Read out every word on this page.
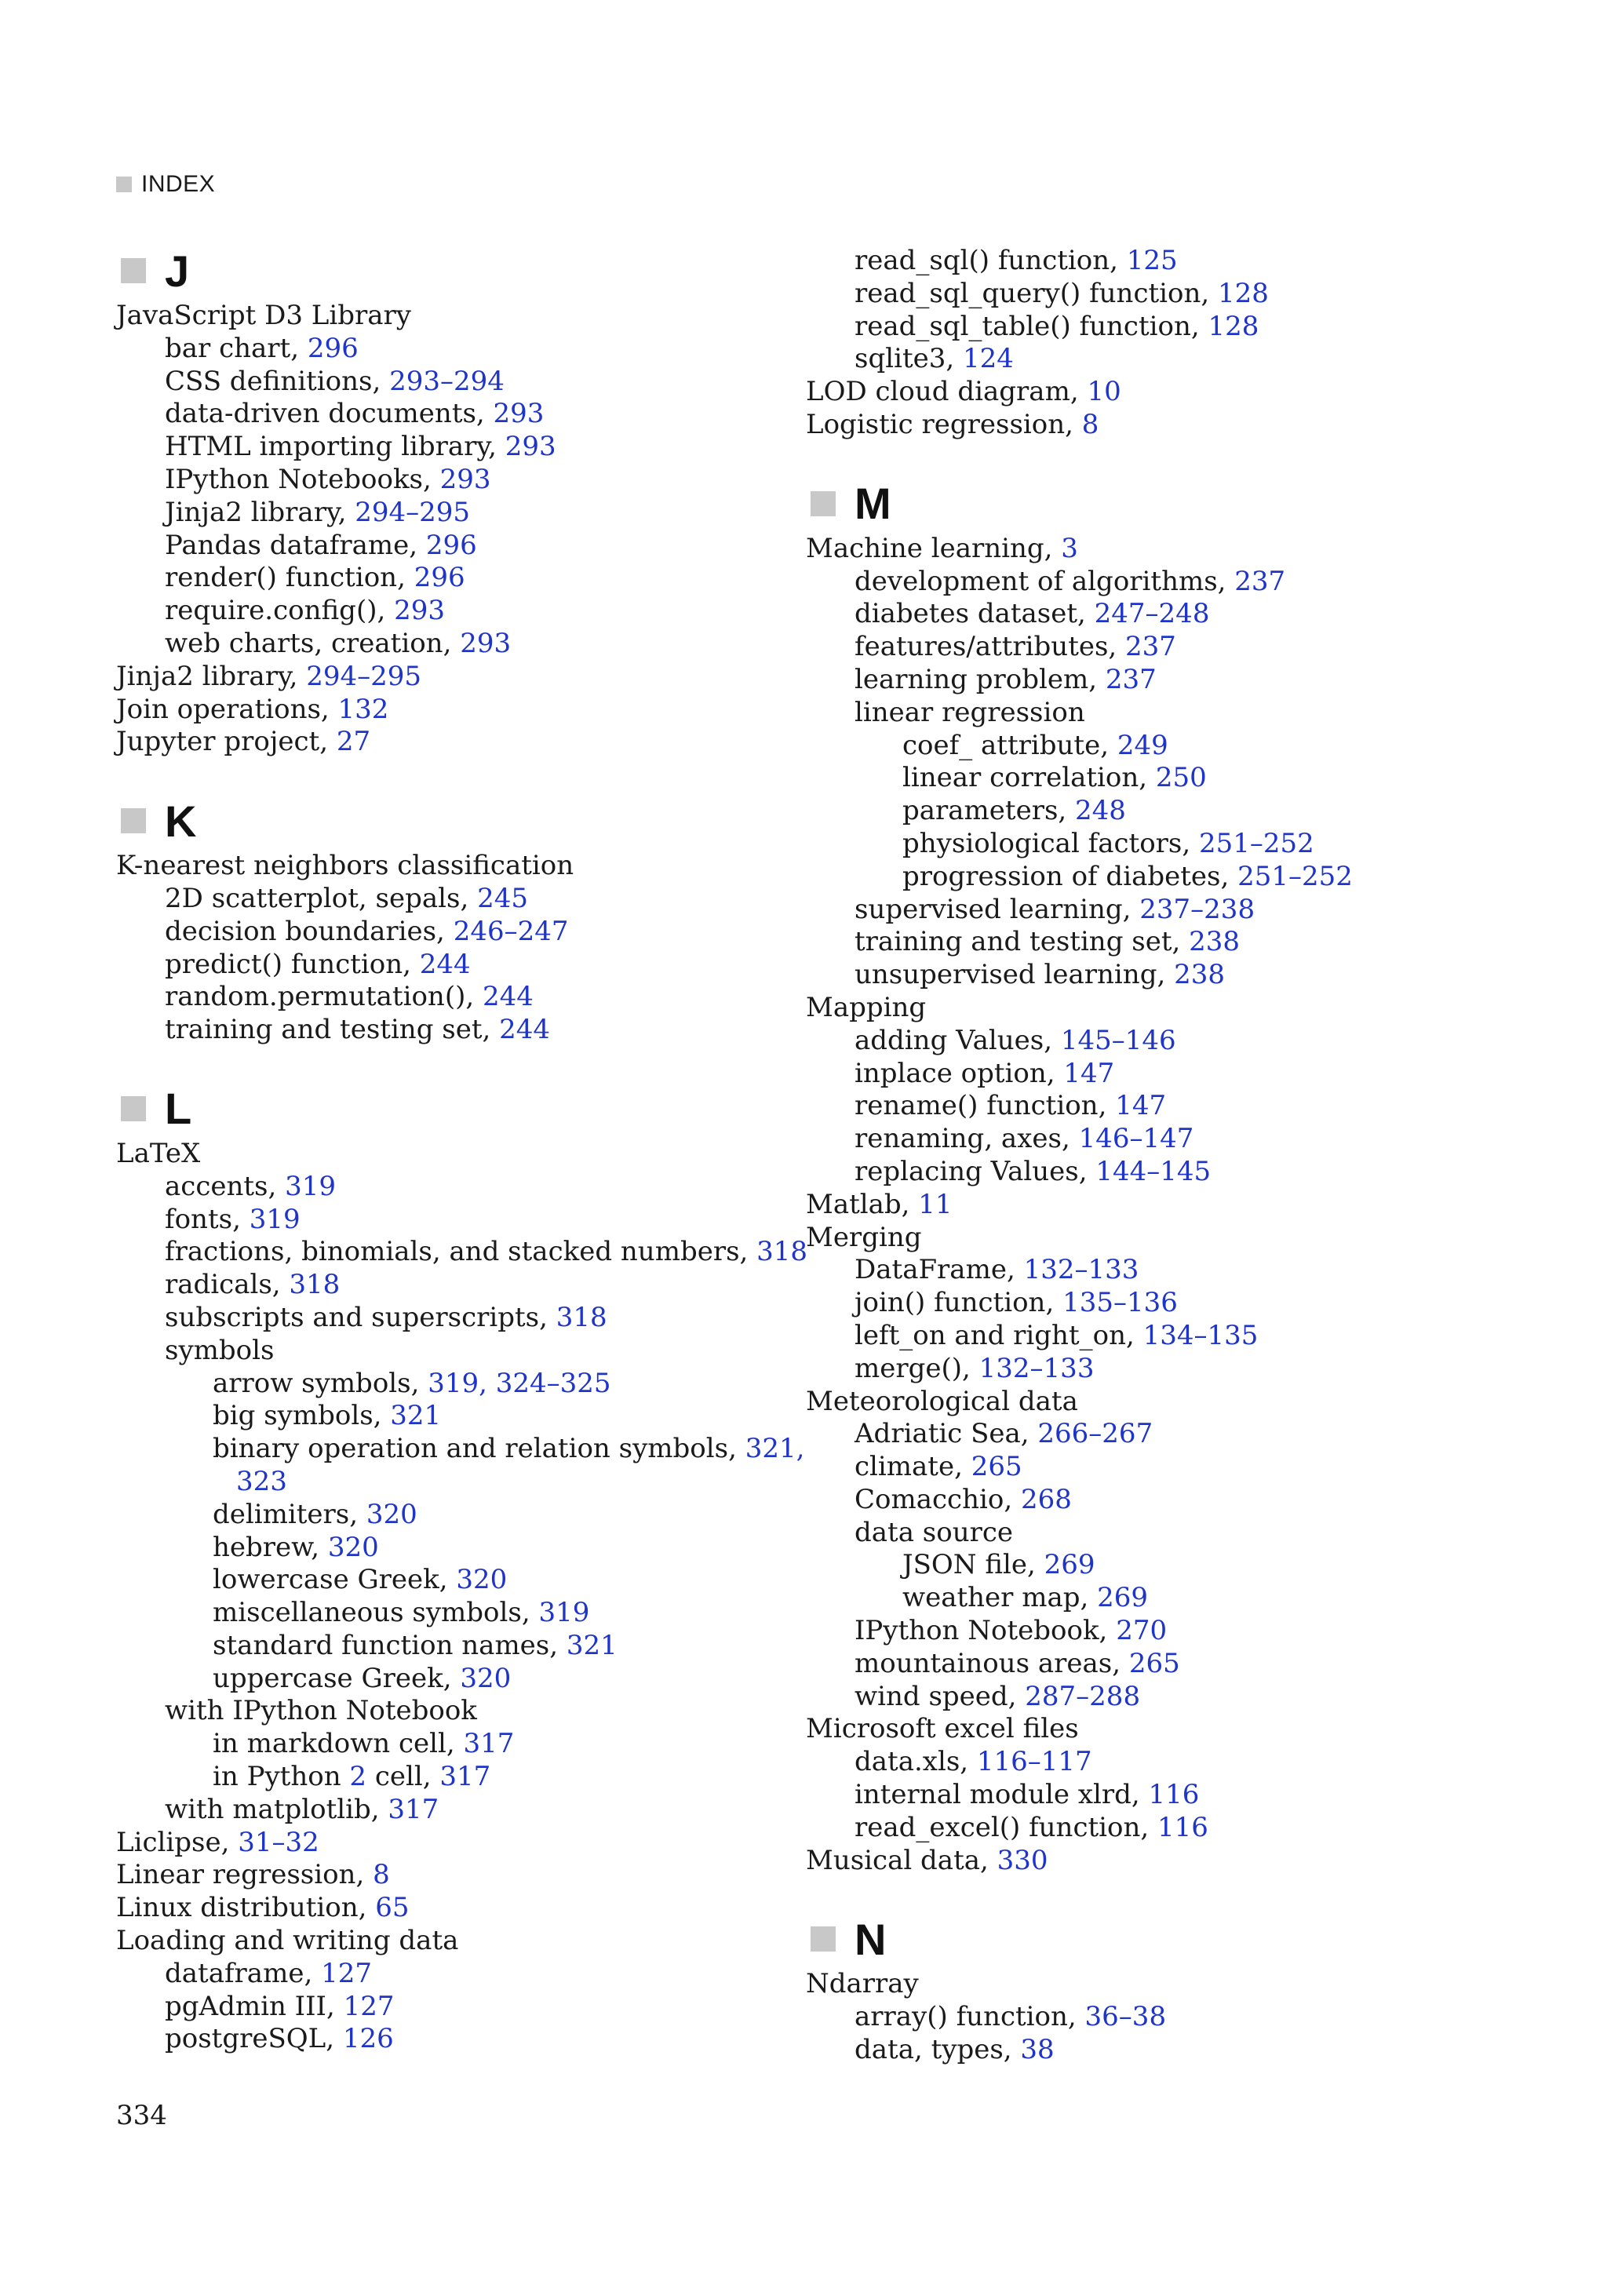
INDEX
J
JavaScript D3 Library
bar chart, 296
CSS definitions, 293–294
data-driven documents, 293
HTML importing library, 293
IPython Notebooks, 293
Jinja2 library, 294–295
Pandas dataframe, 296
render() function, 296
require.config(), 293
web charts, creation, 293
Jinja2 library, 294–295
Join operations, 132
Jupyter project, 27
K
K-nearest neighbors classification
2D scatterplot, sepals, 245
decision boundaries, 246–247
predict() function, 244
random.permutation(), 244
training and testing set, 244
L
LaTeX
accents, 319
fonts, 319
fractions, binomials, and stacked numbers, 318
radicals, 318
subscripts and superscripts, 318
symbols
arrow symbols, 319, 324–325
big symbols, 321
binary operation and relation symbols, 321,
323
delimiters, 320
hebrew, 320
lowercase Greek, 320
miscellaneous symbols, 319
standard function names, 321
uppercase Greek, 320
with IPython Notebook
in markdown cell, 317
in Python 2 cell, 317
with matplotlib, 317
Liclipse, 31–32
Linear regression, 8
Linux distribution, 65
Loading and writing data
dataframe, 127
pgAdmin III, 127
postgreSQL, 126
read_sql() function, 125
read_sql_query() function, 128
read_sql_table() function, 128
sqlite3, 124
LOD cloud diagram, 10
Logistic regression, 8
M
Machine learning, 3
development of algorithms, 237
diabetes dataset, 247–248
features/attributes, 237
learning problem, 237
linear regression
coef_ attribute, 249
linear correlation, 250
parameters, 248
physiological factors, 251–252
progression of diabetes, 251–252
supervised learning, 237–238
training and testing set, 238
unsupervised learning, 238
Mapping
adding Values, 145–146
inplace option, 147
rename() function, 147
renaming, axes, 146–147
replacing Values, 144–145
Matlab, 11
Merging
DataFrame, 132–133
join() function, 135–136
left_on and right_on, 134–135
merge(), 132–133
Meteorological data
Adriatic Sea, 266–267
climate, 265
Comacchio, 268
data source
JSON file, 269
weather map, 269
IPython Notebook, 270
mountainous areas, 265
wind speed, 287–288
Microsoft excel files
data.xls, 116–117
internal module xlrd, 116
read_excel() function, 116
Musical data, 330
N
Ndarray
array() function, 36–38
data, types, 38
334
